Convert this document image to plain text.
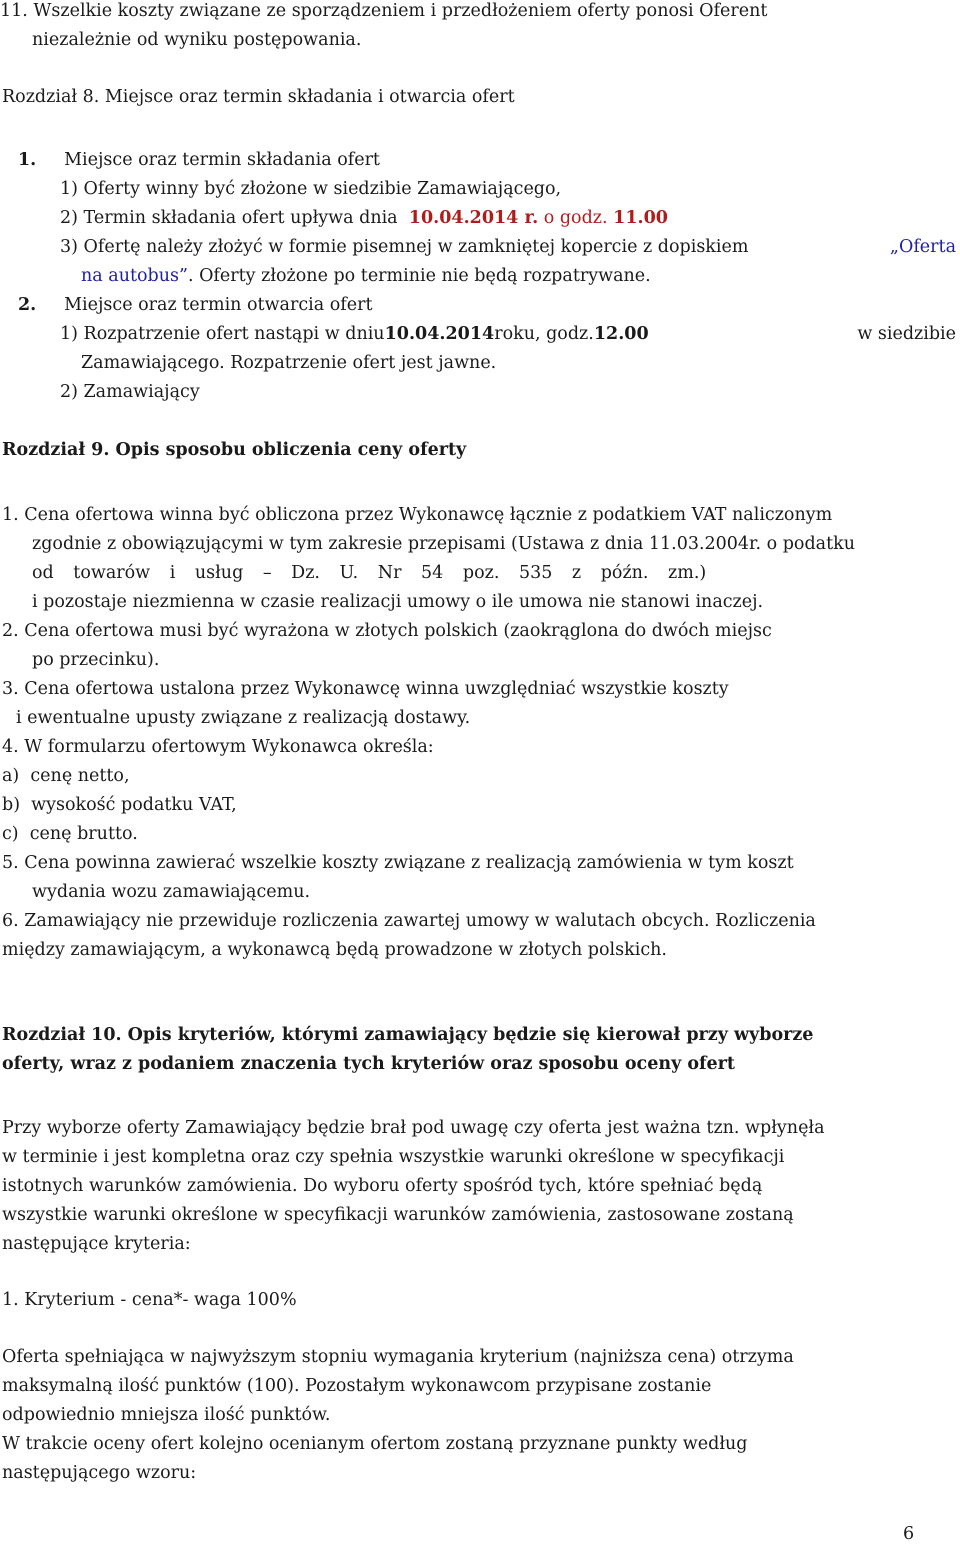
11. Wszelkie koszty związane ze sporządzeniem i przedłożeniem oferty ponosi Oferent
niezależnie od wyniku postępowania.
Rozdział 8. Miejsce oraz termin składania i otwarcia ofert
1. Miejsce oraz termin składania ofert
1) Oferty winny być złożone w siedzibie Zamawiającego,
2) Termin składania ofert upływa dnia 10.04.2014 r. o godz. 11.00
3) Ofertę należy złożyć w formie pisemnej w zamkniętej kopercie z dopiskiem	„Oferta
na autobus”. Oferty złożone po terminie nie będą rozpatrywane.
2. Miejsce oraz termin otwarcia ofert
1) Rozpatrzenie ofert nastąpi w dniu10.04.2014roku, godz.12.00	w siedzibie
Zamawiającego. Rozpatrzenie ofert jest jawne.
2) Zamawiający
Rozdział 9. Opis sposobu obliczenia ceny oferty
1. Cena ofertowa winna być obliczona przez Wykonawcę łącznie z podatkiem VAT naliczonym
zgodnie z obowiązującymi w tym zakresie przepisami (Ustawa z dnia 11.03.2004r. o podatku
od towarów i usług – Dz. U. Nr 54 poz. 535 z późn. zm.)
i pozostaje niezmienna w czasie realizacji umowy o ile umowa nie stanowi inaczej.
2. Cena ofertowa musi być wyrażona w złotych polskich (zaokrąglona do dwóch miejsc
po przecinku).
3. Cena ofertowa ustalona przez Wykonawcę winna uwzględniać wszystkie koszty
i ewentualne upusty związane z realizacją dostawy.
4. W formularzu ofertowym Wykonawca określa:
a)  cenę netto,
b)  wysokość podatku VAT,
c)  cenę brutto.
5. Cena powinna zawierać wszelkie koszty związane z realizacją zamówienia w tym koszt
wydania wozu zamawiającemu.
6. Zamawiający nie przewiduje rozliczenia zawartej umowy w walutach obcych. Rozliczenia
między zamawiającym, a wykonawcą będą prowadzone w złotych polskich.
Rozdział 10. Opis kryteriów, którymi zamawiający będzie się kierował przy wyborze
oferty, wraz z podaniem znaczenia tych kryteriów oraz sposobu oceny ofert
Przy wyborze oferty Zamawiający będzie brał pod uwagę czy oferta jest ważna tzn. wpłynęła
w terminie i jest kompletna oraz czy spełnia wszystkie warunki określone w specyfikacji
istotnych warunków zamówienia. Do wyboru oferty spośród tych, które spełniać będą
wszystkie warunki określone w specyfikacji warunków zamówienia, zastosowane zostaną
następujące kryteria:
1. Kryterium - cena*- waga 100%
Oferta spełniająca w najwyższym stopniu wymagania kryterium (najniższa cena) otrzyma
maksymalną ilość punktów (100). Pozostałym wykonawcom przypisane zostanie
odpowiednio mniejsza ilość punktów.
W trakcie oceny ofert kolejno ocenianym ofertom zostaną przyznane punkty według
następującego wzoru:
6
